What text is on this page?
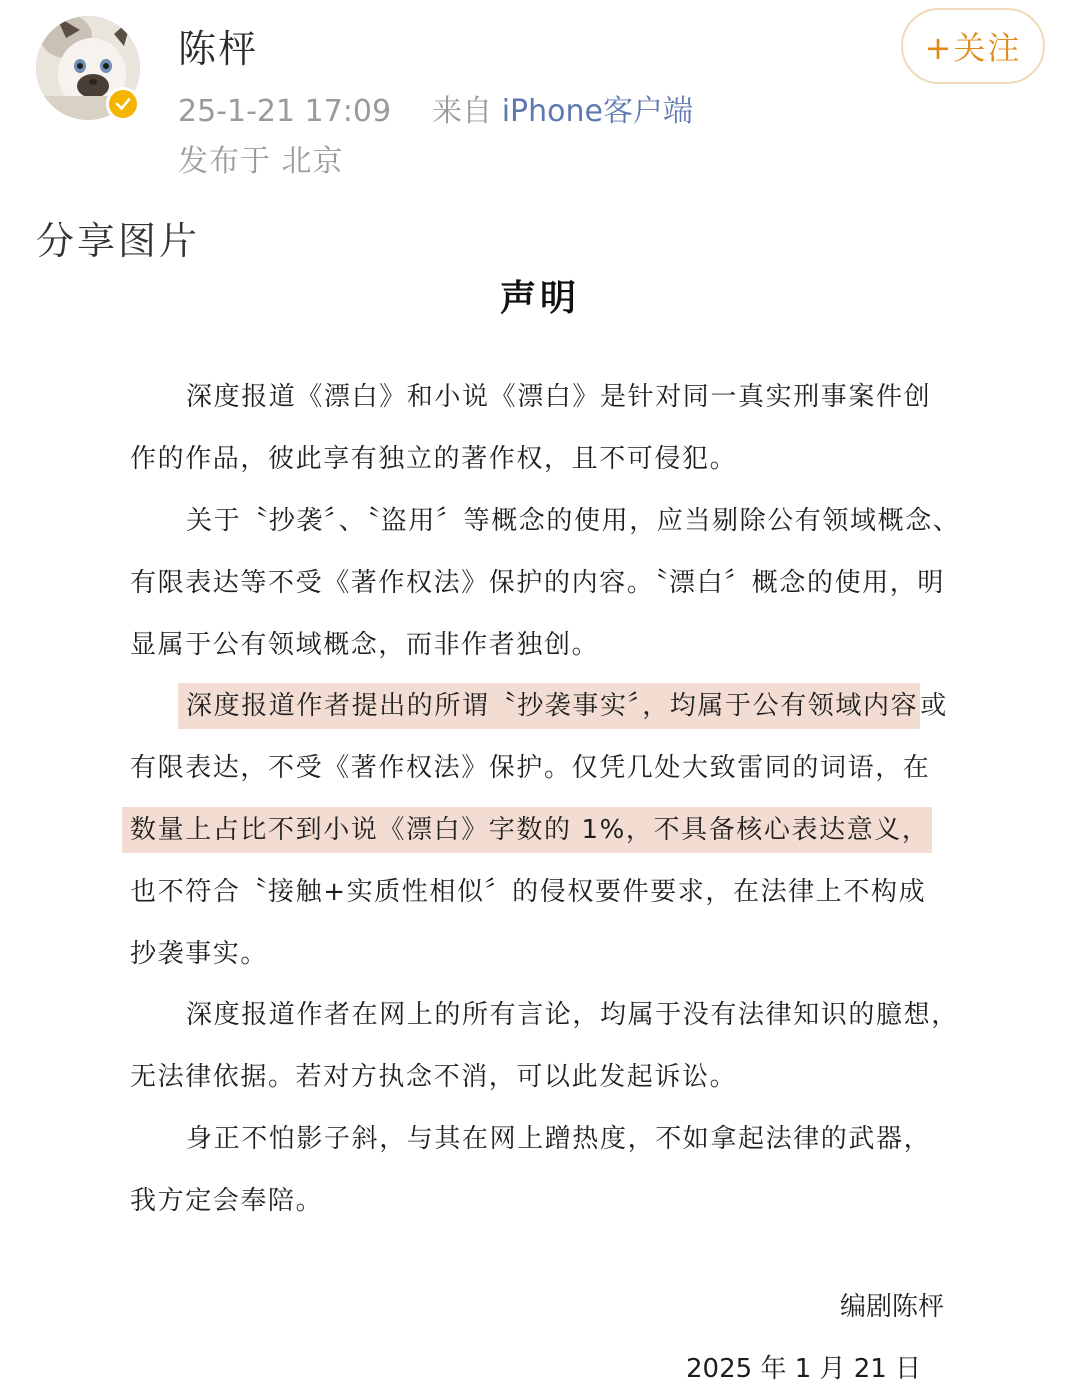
陈枰
25-1-21 17:09 来自 iPhone客户端
发布于 北京
+关注
分享图片
声明
深度报道《漂白》和小说《漂白》是针对同一真实刑事案件创
作的作品，彼此享有独立的著作权，且不可侵犯。
关于〝抄袭〞、〝盗用〞等概念的使用，应当剔除公有领域概念、
有限表达等不受《著作权法》保护的内容。〝漂白〞概念的使用，明
显属于公有领域概念，而非作者独创。
深度报道作者提出的所谓〝抄袭事实〞，均属于公有领域内容或
有限表达，不受《著作权法》保护。仅凭几处大致雷同的词语，在
数量上占比不到小说《漂白》字数的 1%，不具备核心表达意义，
也不符合〝接触+实质性相似〞的侵权要件要求，在法律上不构成
抄袭事实。
深度报道作者在网上的所有言论，均属于没有法律知识的臆想，
无法律依据。若对方执念不消，可以此发起诉讼。
身正不怕影子斜，与其在网上蹭热度，不如拿起法律的武器，
我方定会奉陪。
编剧陈枰
2025 年 1 月 21 日
